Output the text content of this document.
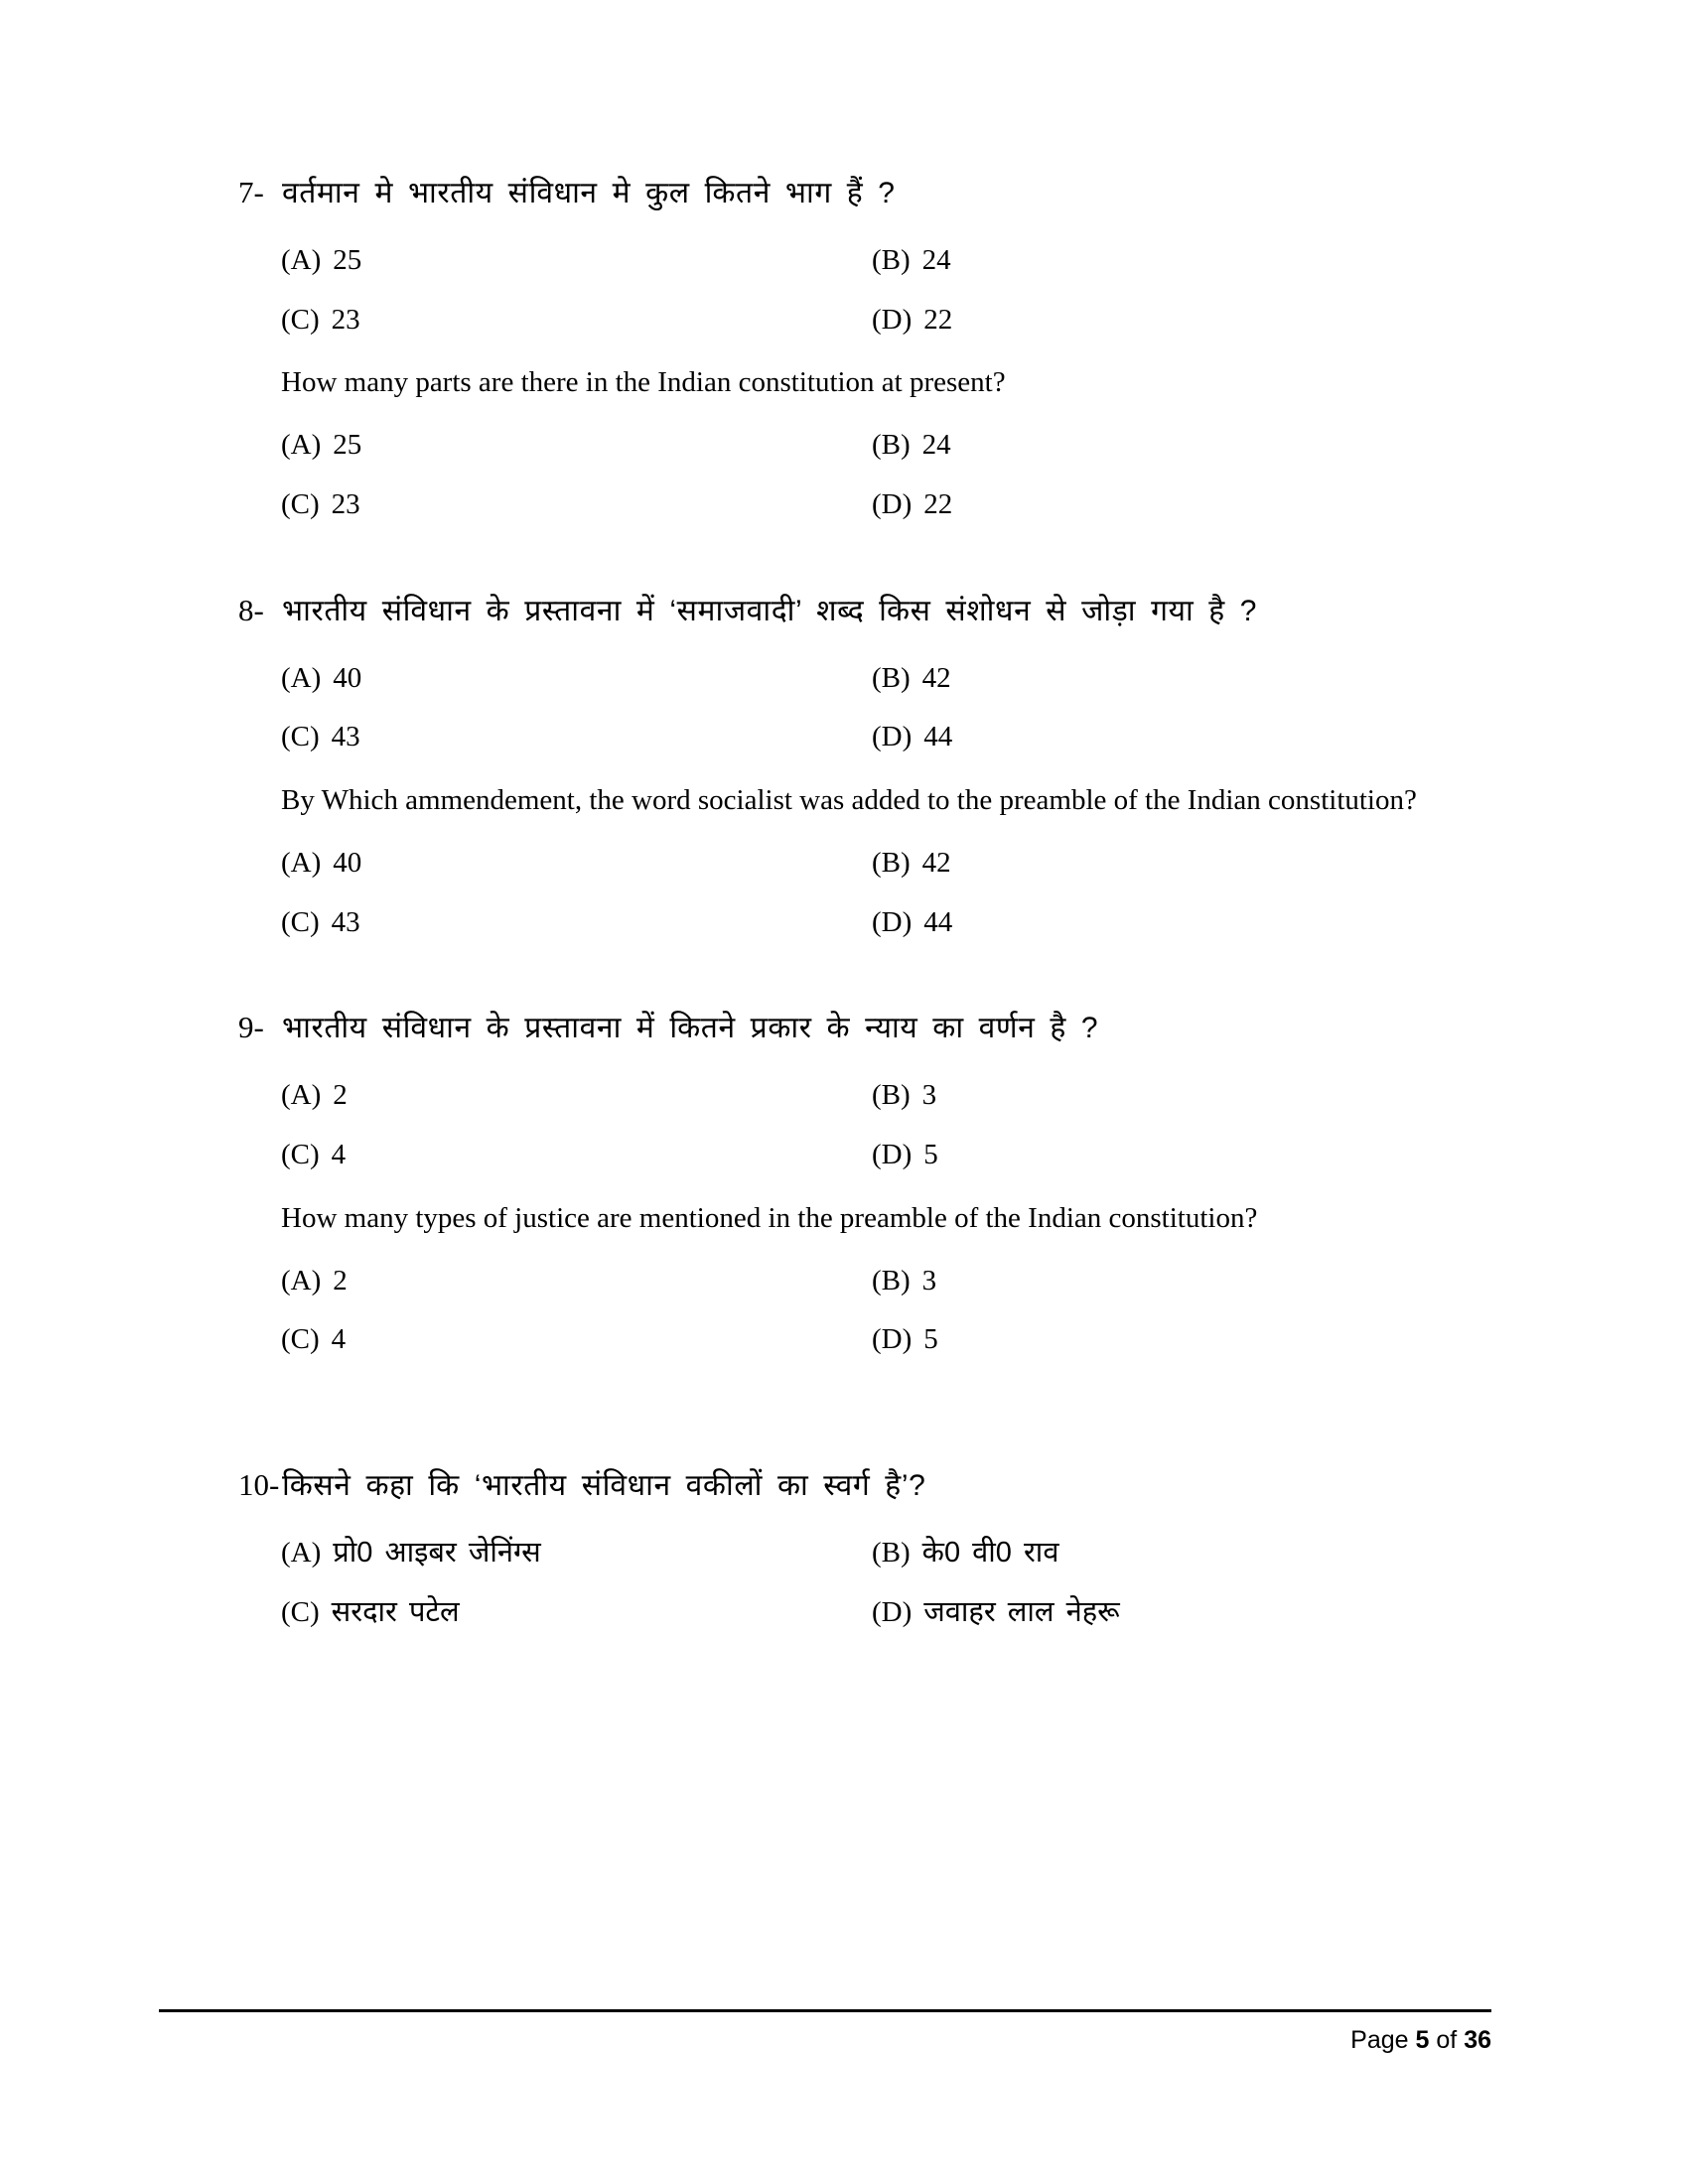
7- वर्तमान मे भारतीय संविधान मे कुल कितने भाग हैं ?
(A) 25	(B) 24
(C) 23	(D) 22
How many parts are there in the Indian constitution at present?
(A) 25	(B) 24
(C) 23	(D) 22
8- भारतीय संविधान के प्रस्तावना में ‘समाजवादी’ शब्द किस संशोधन से जोड़ा गया है ?
(A) 40	(B) 42
(C) 43	(D) 44
By Which ammendement, the word socialist was added to the preamble of the Indian constitution?
(A) 40	(B) 42
(C) 43	(D) 44
9- भारतीय संविधान के प्रस्तावना में कितने प्रकार के न्याय का वर्णन है ?
(A) 2	(B) 3
(C) 4	(D) 5
How many types of justice are mentioned in the preamble of the Indian constitution?
(A) 2	(B) 3
(C) 4	(D) 5
10- किसने कहा कि ‘भारतीय संविधान वकीलों का स्वर्ग है’?
(A) प्रो0 आइबर जेनिंग्स	(B) के0 वी0 राव
(C) सरदार पटेल	(D) जवाहर लाल नेहरू
Page 5 of 36
